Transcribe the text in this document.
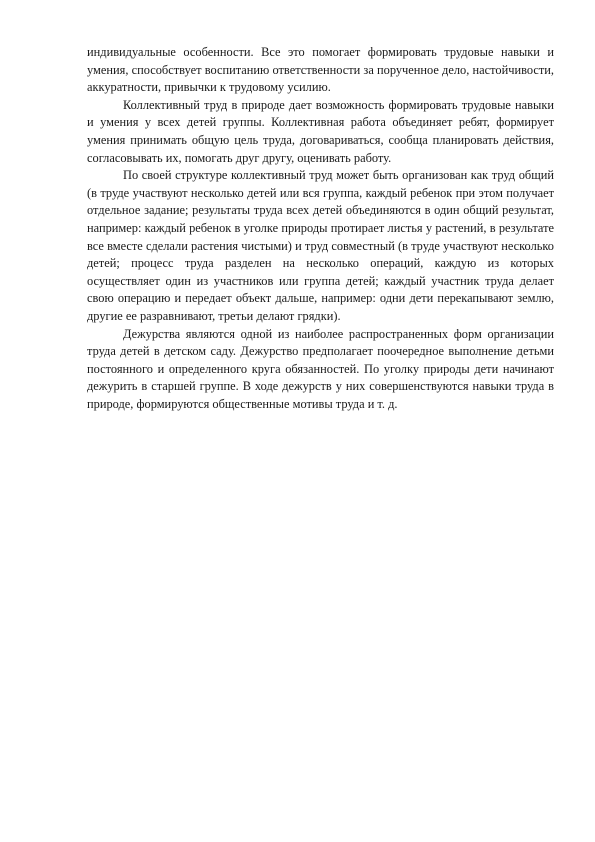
индивидуальные особенности. Все это помогает формировать трудовые навыки и умения, способствует воспитанию ответственности за порученное дело, настойчивости, аккуратности, привычки к трудовому усилию.

Коллективный труд в природе дает возможность формировать трудовые навыки и умения у всех детей группы. Коллективная работа объединяет ребят, формирует умения принимать общую цель труда, договариваться, сообща планировать действия, согласовывать их, помогать друг другу, оценивать работу.

По своей структуре коллективный труд может быть организован как труд общий (в труде участвуют несколько детей или вся группа, каждый ребенок при этом получает отдельное задание; результаты труда всех детей объединяются в один общий результат, например: каждый ребенок в уголке природы протирает листья у растений, в результате все вместе сделали растения чистыми) и труд совместный (в труде участвуют несколько детей; процесс труда разделен на несколько операций, каждую из которых осуществляет один из участников или группа детей; каждый участник труда делает свою операцию и передает объект дальше, например: одни дети перекапывают землю, другие ее разравнивают, третьи делают грядки).

Дежурства являются одной из наиболее распространенных форм организации труда детей в детском саду. Дежурство предполагает поочередное выполнение детьми постоянного и определенного круга обязанностей. По уголку природы дети начинают дежурить в старшей группе. В ходе дежурств у них совершенствуются навыки труда в природе, формируются общественные мотивы труда и т. д.
